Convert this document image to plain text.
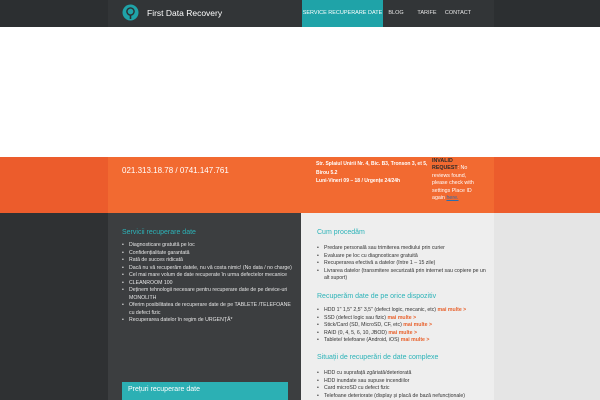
First Data Recovery	SERVICE RECUPERARE DATE	BLOG	TARIFE	CONTACT
021.313.18.78 / 0741.147.761
Str. Splaiul Unirii Nr. 4, Bic. B3, Tronson 3, et 5, Birou 5.2
Luni-Vineri 09 – 18 / Urgențe 24/24h
INVALID REQUEST: No reviews found, please check with settings Place ID again here.
Servicii recuperare date
• Diagnosticare gratuită pe loc
• Confidențialitate garantată
• Rată de succes ridicată
• Dacă nu vă recuperăm datele, nu vă costa nimic! (No data / no charge)
• Cel mai mare volum de date recuperate în urma defectelor mecanice
• CLEANROOM 100
• Deținem tehnologii necesare pentru recuperare date de pe device-uri MONOLITH
• Oferim posibilitatea de recuperare date de pe TABLETE /TELEFOANE cu defect fizic
• Recuperarea datelor în regim de URGENȚĂ*
Prețuri recuperare date
Cum procedăm
• Predare personală sau trimiterea mediului prin curier
• Evaluare pe loc cu diagnosticare gratuită
• Recuperarea efectivă a datelor (între 1 – 15 zile)
• Livrarea datelor (transmitere securizată prin internet sau copiere pe un alt suport)
Recuperăm date de pe orice dispozitiv
• HDD 1" 1,5" 2,5" 3,5" (defect logic, mecanic, etc) mai multe >
• SSD (defect logic sau fizic) mai multe >
• Stick/Card (SD, MicroSD, CF, etc) mai multe >
• RAID (0, 4, 5, 6, 10, JBOD) mai multe >
• Tablete/ telefoane (Android, iOS) mai multe >
Situații de recuperări de date complexe
• HDD cu suprafață zgâriată/deteriorată
• HDD inundate sau supuse incendiilor
• Card microSD cu defect fizic
• Telefoane deteriorate (display și placă de bază nefuncționale)
